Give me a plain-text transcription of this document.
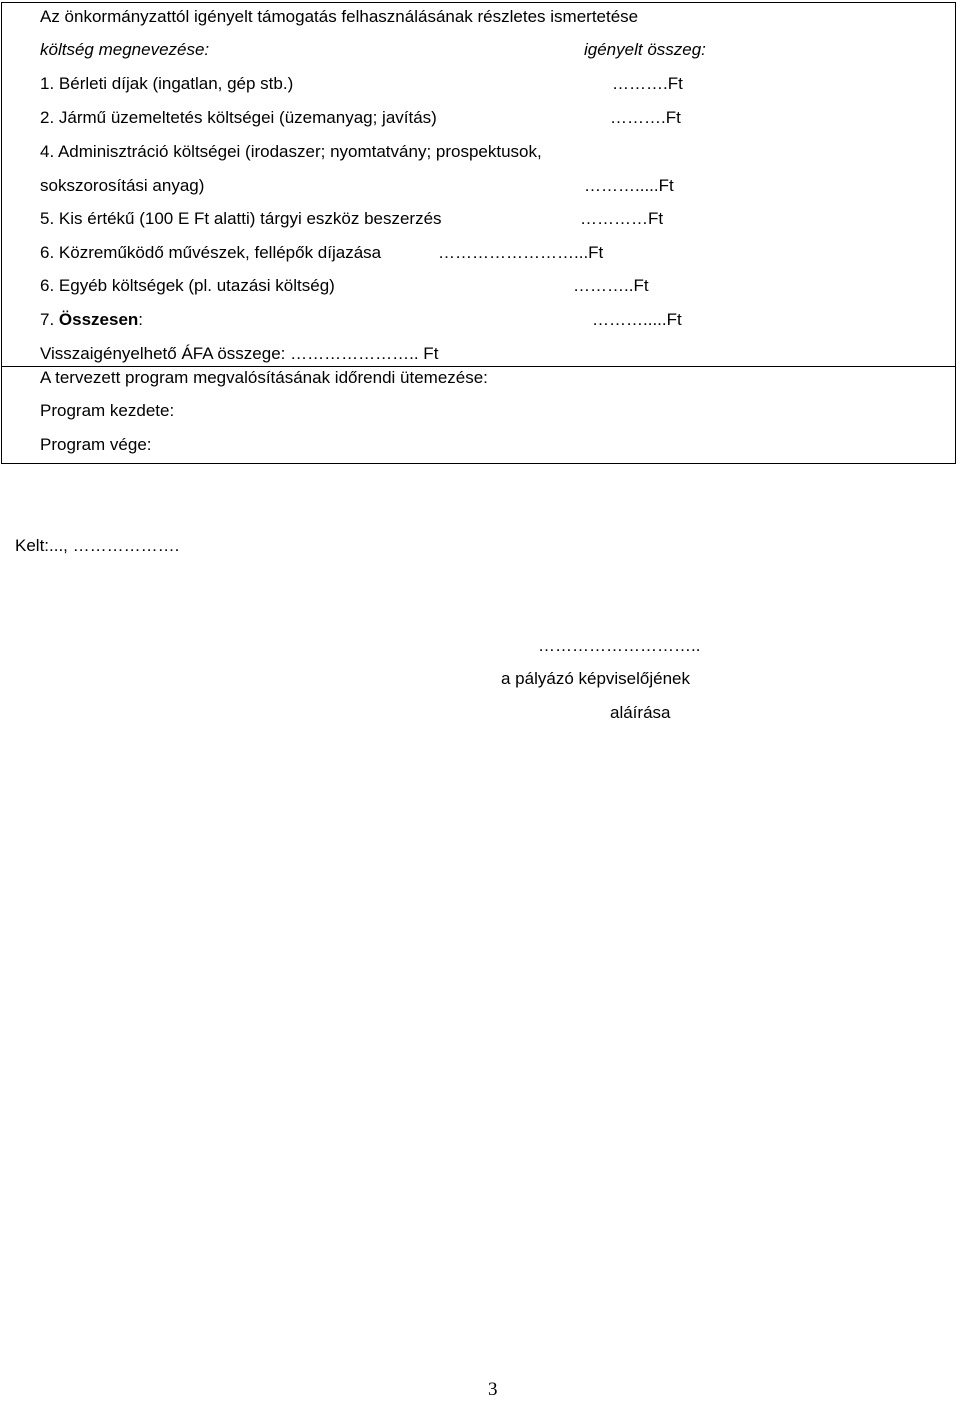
Az önkormányzattól igényelt támogatás felhasználásának részletes ismertetése
költség megnevezése:	igényelt összeg:
1. Bérleti díjak (ingatlan, gép stb.)	……….Ft
2. Jármű üzemeltetés költségei (üzemanyag; javítás)	……….Ft
4. Adminisztráció költségei (irodaszer; nyomtatvány; prospektusok,
sokszorosítási anyag)	……….....Ft
5. Kis értékű (100 E Ft alatti) tárgyi eszköz beszerzés	…………Ft
6. Közreműködő művészek, fellépők díjazása	……………………...Ft
6. Egyéb költségek (pl. utazási költség)	………..Ft
7. Összesen:	……….....Ft
Visszaigényelhető ÁFA összege: ………………….. Ft
A tervezett program megvalósításának időrendi ütemezése:
Program kezdete:
Program vége:
Kelt:..., ……………….
………………………..
a pályázó képviselőjének
aláírása
3
